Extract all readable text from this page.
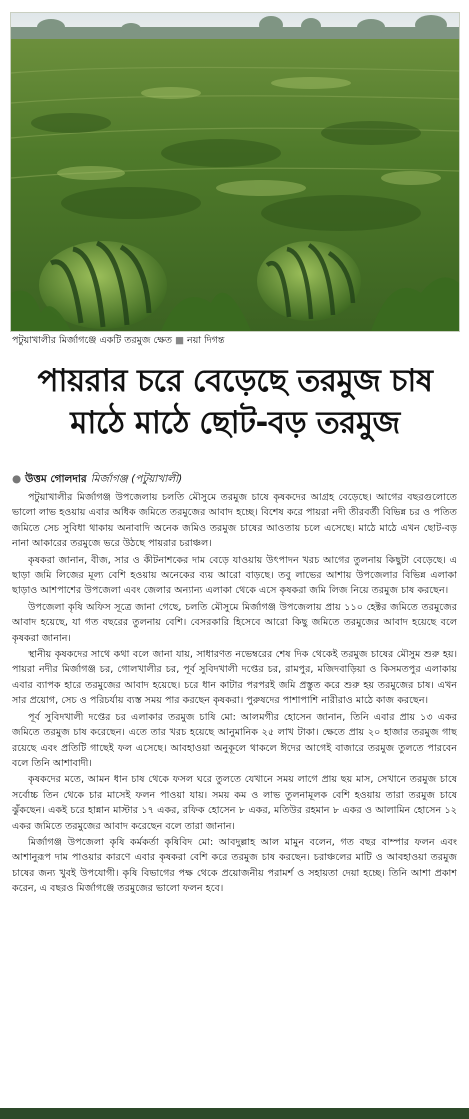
পটুয়াখালীর মির্জাগঞ্জে একটি তরমুজ ক্ষেত ■ নয়া দিগন্ত
পায়রার চরে বেড়েছে তরমুজ চাষ
মাঠে মাঠে ছোট-বড় তরমুজ
● উত্তম গোলদার মির্জাগঞ্জ (পটুয়াখালী)

পটুয়াখালীর মির্জাগঞ্জ উপজেলায় চলতি মৌসুমে তরমুজ চাষে কৃষকদের আগ্রহ বেড়েছে। আগের বছরগুলোতে ভালো লাভ হওয়ায় এবার অধিক জমিতে তরমুজের আবাদ হচ্ছে। বিশেষ করে পায়রা নদী তীরবর্তী বিভিন্ন চর ও পতিত জমিতে সেচ সুবিধা থাকায় অনাবাদি অনেক জমিও তরমুজ চাষের আওতায় চলে এসেছে। মাঠে মাঠে এখন ছোট-বড় নানা আকারের তরমুজে ভরে উঠছে পায়রার চরাঞ্চল।

কৃষকরা জানান, বীজ, সার ও কীটনাশকের দাম বেড়ে যাওয়ায় উৎপাদন খরচ আগের তুলনায় কিছুটা বেড়েছে। এ ছাড়া জমি লিজের মূল্য বেশি হওয়ায় অনেকের ব্যয় আরো বাড়ছে। তবু লাভের আশায় উপজেলার বিভিন্ন এলাকা ছাড়াও আশপাশের উপজেলা এবং জেলার অন্যান্য এলাকা থেকে এসে কৃষকরা জমি লিজ নিয়ে তরমুজ চাষ করছেন।

উপজেলা কৃষি অফিস সূত্রে জানা গেছে, চলতি মৌসুমে মির্জাগঞ্জ উপজেলায় প্রায় ১১০ হেক্টর জমিতে তরমুজের আবাদ হয়েছে, যা গত বছরের তুলনায় বেশি। বেসরকারি হিসেবে আরো কিছু জমিতে তরমুজের আবাদ হয়েছে বলে কৃষকরা জানান।

স্থানীয় কৃষকদের সাথে কথা বলে জানা যায়, সাধারণত নভেম্বরের শেষ দিক থেকেই তরমুজ চাষের মৌসুম শুরু হয়। পায়রা নদীর মির্জাগঞ্জ চর, গোলখালীর চর, পূর্ব সুবিদখালী দপ্তের চর, রামপুর, মজিদবাড়িয়া ও কিসমতপুর এলাকায় এবার ব্যাপক হারে তরমুজের আবাদ হয়েছে। চরে ধান কাটার পরপরই জমি প্রস্তুত করে শুরু হয় তরমুজের চাষ। এখন সার প্রয়োগ, সেচ ও পরিচর্যায় ব্যস্ত সময় পার করছেন কৃষকরা। পুরুষদের পাশাপাশি নারীরাও মাঠে কাজ করছেন।

পূর্ব সুবিদখালী দপ্তের চর এলাকার তরমুজ চাষি মো: আলমগীর হোসেন জানান, তিনি এবার প্রায় ১৩ একর জমিতে তরমুজ চাষ করেছেন। এতে তার খরচ হয়েছে আনুমানিক ২৫ লাখ টাকা। ক্ষেতে প্রায় ২০ হাজার তরমুজ গাছ রয়েছে এবং প্রতিটি গাছেই ফল এসেছে। আবহাওয়া অনুকূলে থাকলে ঈদের আগেই বাজারে তরমুজ তুলতে পারবেন বলে তিনি আশাবাদী।

কৃষকদের মতে, আমন ধান চাষ থেকে ফসল ঘরে তুলতে যেখানে সময় লাগে প্রায় ছয় মাস, সেখানে তরমুজ চাষে সর্বোচ্চ তিন থেকে চার মাসেই ফলন পাওয়া যায়। সময় কম ও লাভ তুলনামূলক বেশি হওয়ায় তারা তরমুজ চাষে ঝুঁকছেন। একই চরে হান্নান মাস্টার ১৭ একর, রফিক হোসেন ৮ একর, মতিউর রহমান ৮ একর ও আলামিন হোসেন ১২ একর জমিতে তরমুজের আবাদ করেছেন বলে তারা জানান।

মির্জাগঞ্জ উপজেলা কৃষি কর্মকর্তা কৃষিবিদ মো: আবদুল্লাহ আল মামুন বলেন, গত বছর বাম্পার ফলন এবং আশানুরূপ দাম পাওয়ার কারণে এবার কৃষকরা বেশি করে তরমুজ চাষ করছেন। চরাঞ্চলের মাটি ও আবহাওয়া তরমুজ চাষের জন্য খুবই উপযোগী। কৃষি বিভাগের পক্ষ থেকে প্রয়োজনীয় পরামর্শ ও সহায়তা দেয়া হচ্ছে। তিনি আশা প্রকাশ করেন, এ বছরও মির্জাগঞ্জে তরমুজের ভালো ফলন হবে।
